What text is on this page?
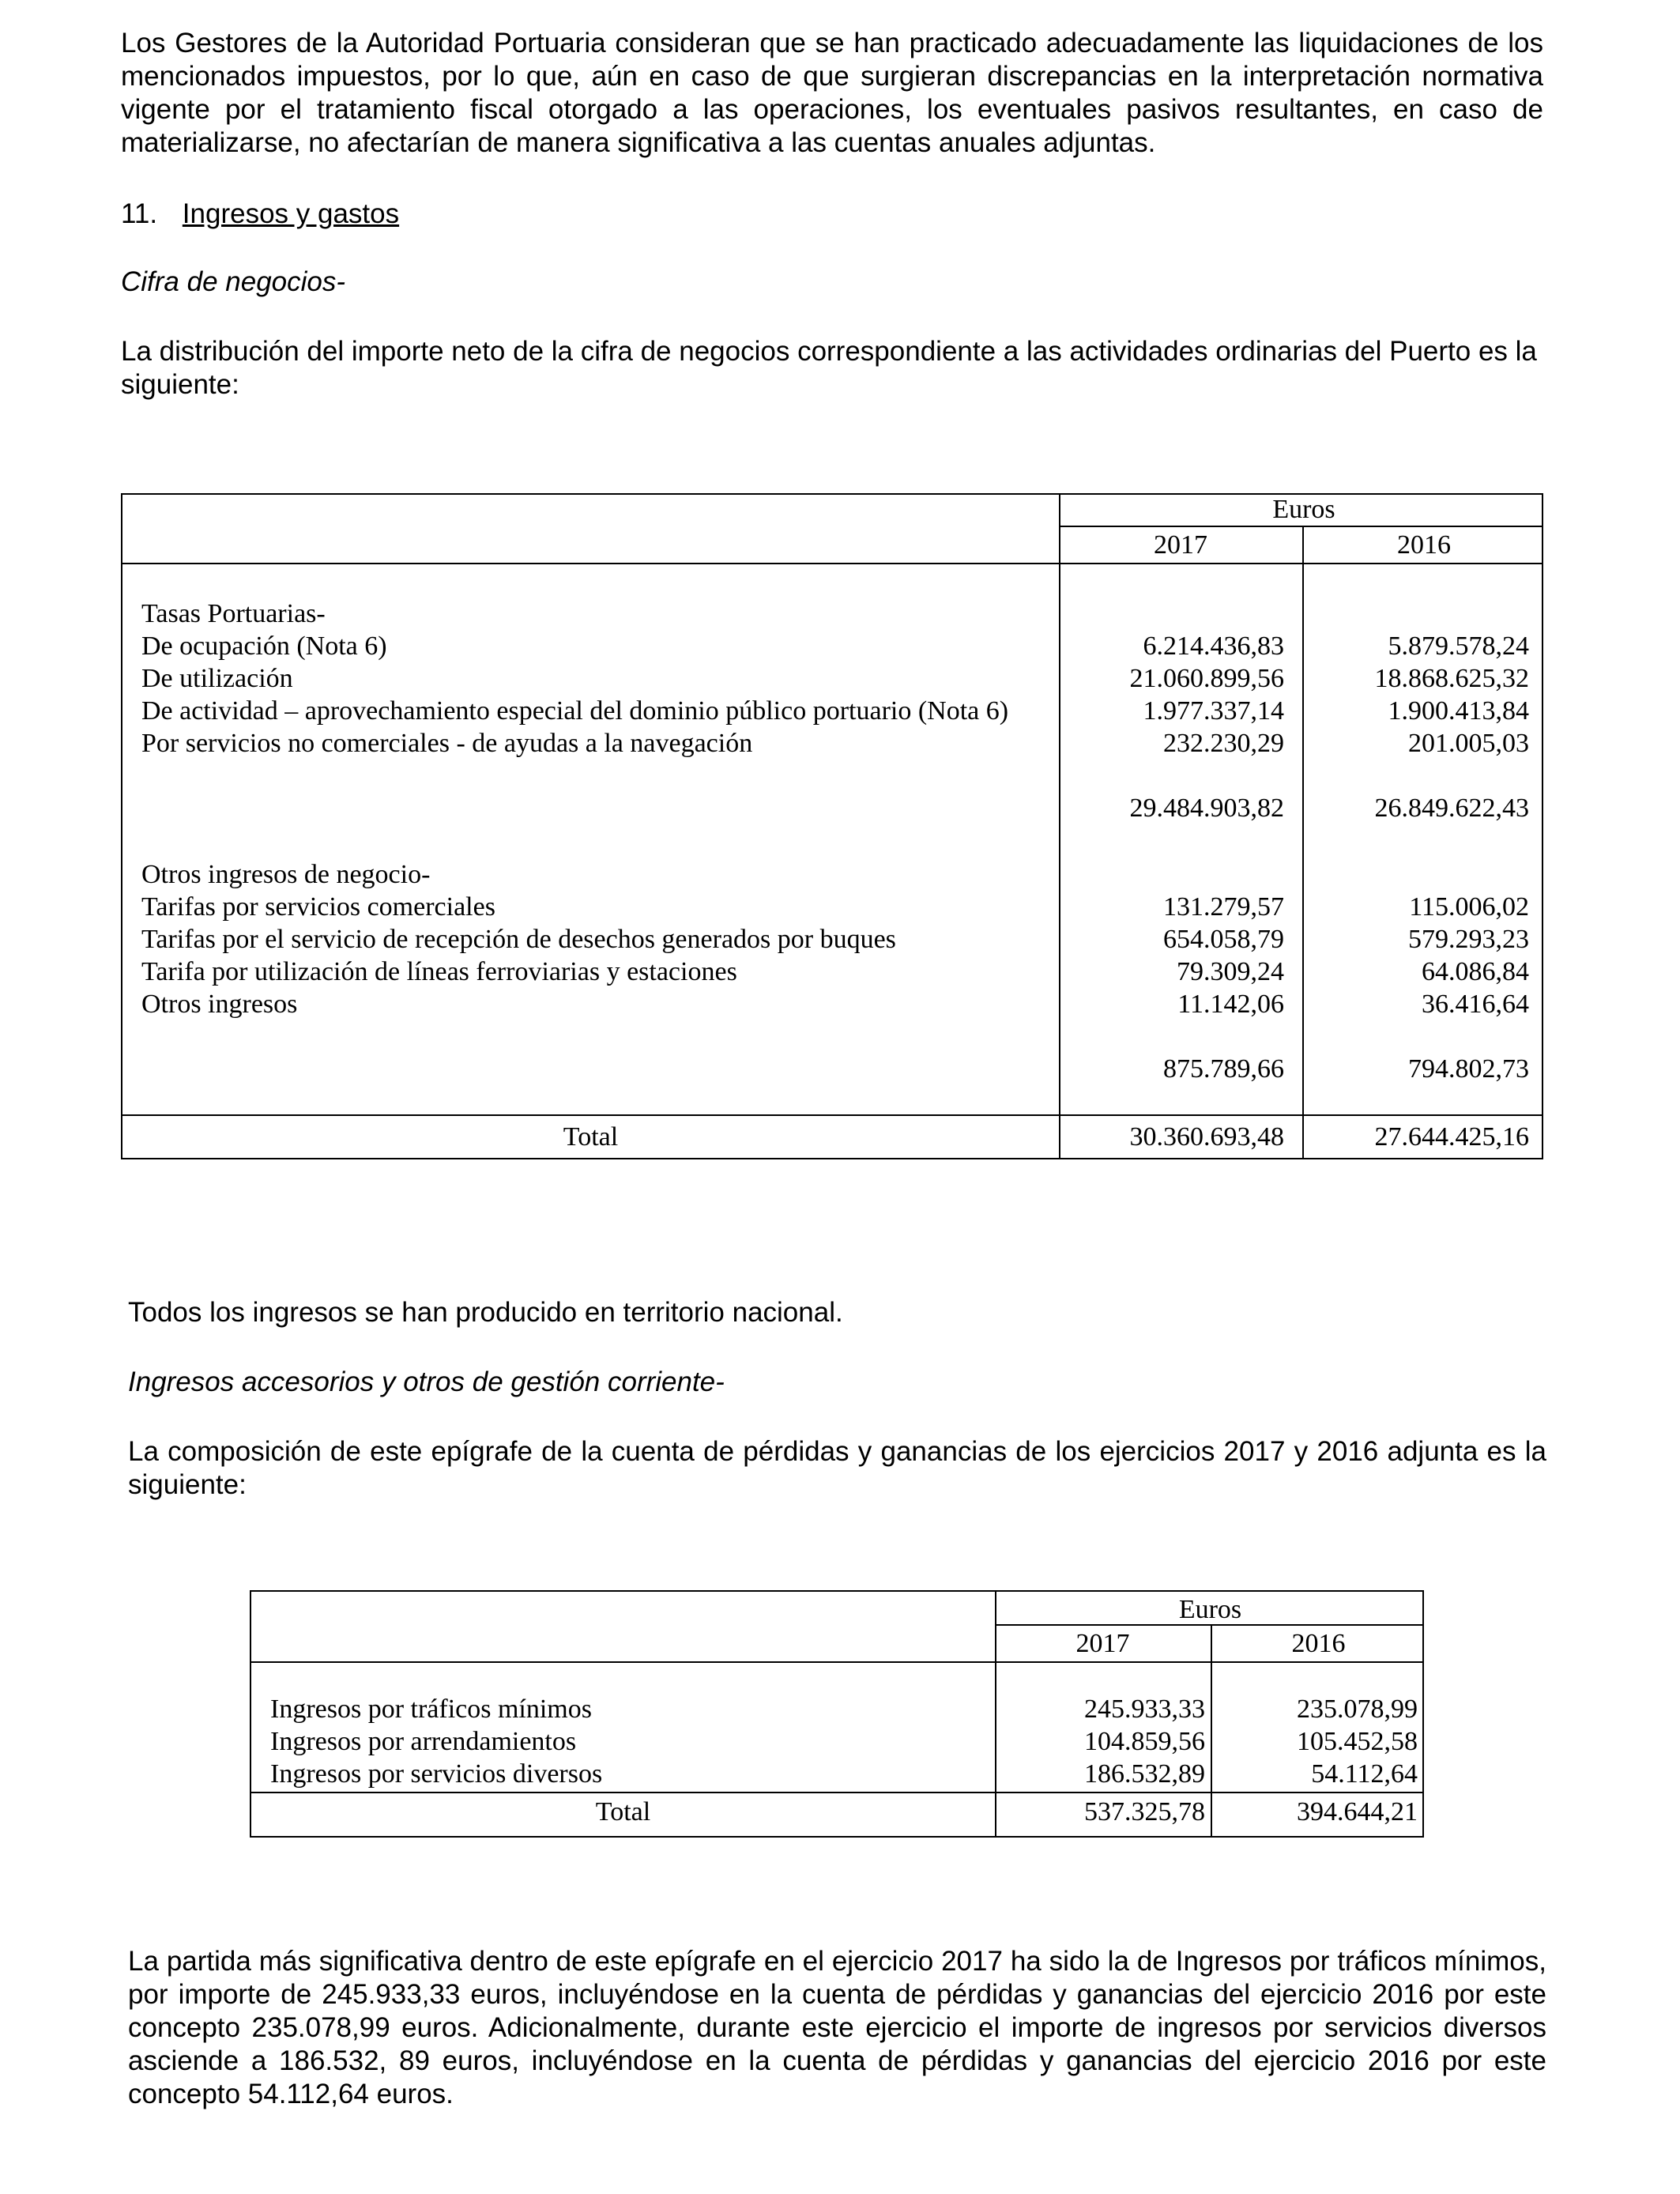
Los Gestores de la Autoridad Portuaria consideran que se han practicado adecuadamente las liquidaciones de los mencionados impuestos, por lo que, aún en caso de que surgieran discrepancias en la interpretación normativa vigente por el tratamiento fiscal otorgado a las operaciones, los eventuales pasivos resultantes, en caso de materializarse, no afectarían de manera significativa a las cuentas anuales adjuntas.
11. Ingresos y gastos
Cifra de negocios-
La distribución del importe neto de la cifra de negocios correspondiente a las actividades ordinarias del Puerto es la siguiente:
Euros
2017	2016
Tasas Portuarias-
De ocupación (Nota 6)	6.214.436,83	5.879.578,24
De utilización	21.060.899,56	18.868.625,32
De actividad – aprovechamiento especial del dominio público portuario (Nota 6)	1.977.337,14	1.900.413,84
Por servicios no comerciales - de ayudas a la navegación	232.230,29	201.005,03
29.484.903,82	26.849.622,43
Otros ingresos de negocio-
Tarifas por servicios comerciales	131.279,57	115.006,02
Tarifas por el servicio de recepción de desechos generados por buques	654.058,79	579.293,23
Tarifa por utilización de líneas ferroviarias y estaciones	79.309,24	64.086,84
Otros ingresos	11.142,06	36.416,64
875.789,66	794.802,73
Total	30.360.693,48	27.644.425,16
Todos los ingresos se han producido en territorio nacional.
Ingresos accesorios y otros de gestión corriente-
La composición de este epígrafe de la cuenta de pérdidas y ganancias de los ejercicios 2017 y 2016 adjunta es la siguiente:
Euros
2017	2016
Ingresos por tráficos mínimos	245.933,33	235.078,99
Ingresos por arrendamientos	104.859,56	105.452,58
Ingresos por servicios diversos	186.532,89	54.112,64
Total	537.325,78	394.644,21
La partida más significativa dentro de este epígrafe en el ejercicio 2017 ha sido la de Ingresos por tráficos mínimos, por importe de 245.933,33 euros, incluyéndose en la cuenta de pérdidas y ganancias del ejercicio 2016 por este concepto 235.078,99 euros. Adicionalmente, durante este ejercicio el importe de ingresos por servicios diversos asciende a 186.532, 89 euros, incluyéndose en la cuenta de pérdidas y ganancias del ejercicio 2016 por este concepto 54.112,64 euros.
